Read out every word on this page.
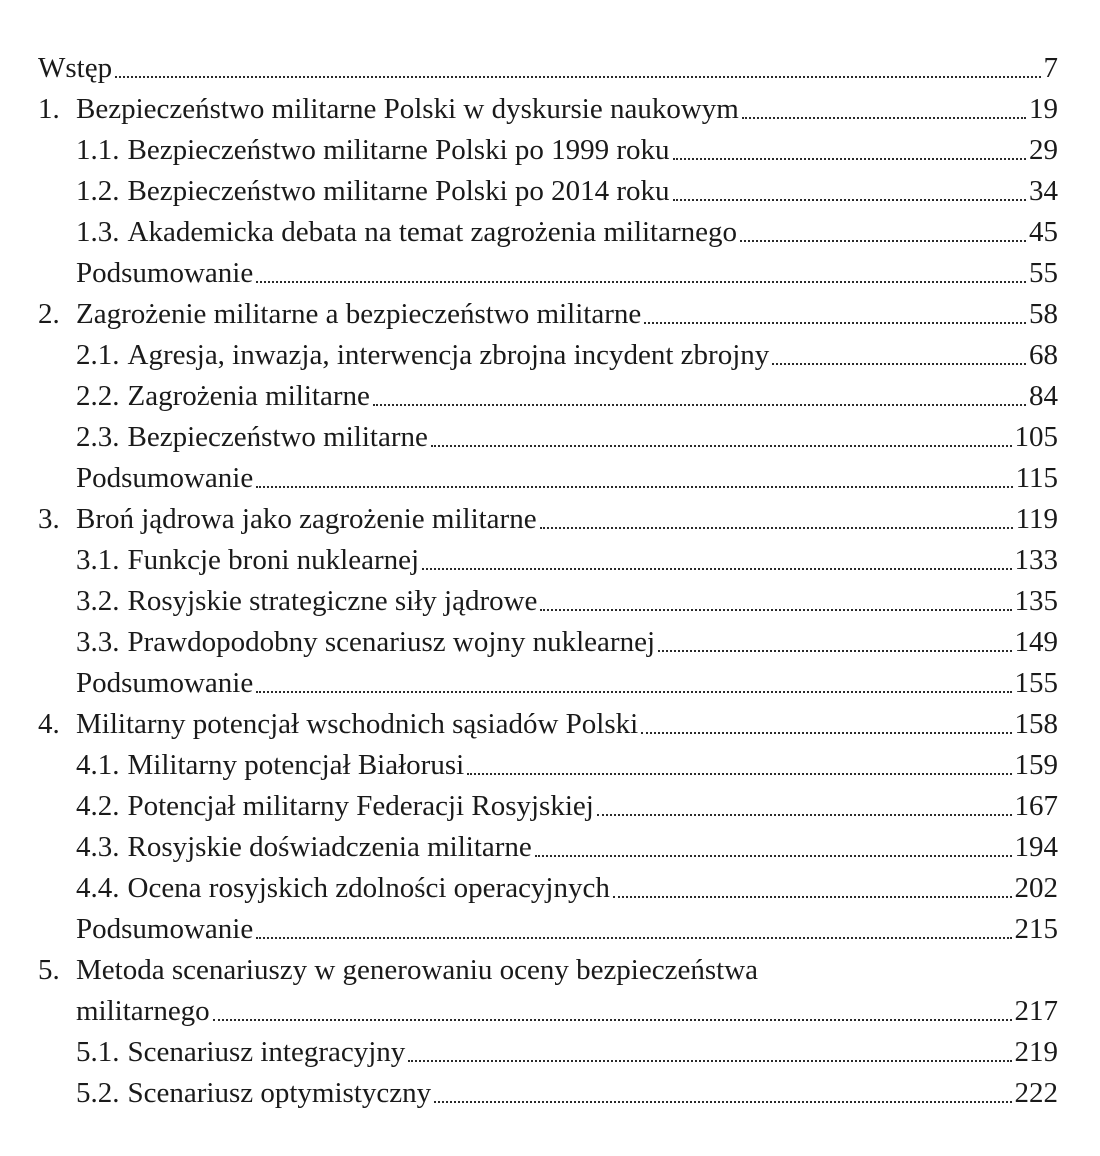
Wstęp	7
1. Bezpieczeństwo militarne Polski w dyskursie naukowym	19
1.1. Bezpieczeństwo militarne Polski po 1999 roku	29
1.2. Bezpieczeństwo militarne Polski po 2014 roku	34
1.3. Akademicka debata na temat zagrożenia militarnego	45
Podsumowanie	55
2. Zagrożenie militarne a bezpieczeństwo militarne	58
2.1. Agresja, inwazja, interwencja zbrojna incydent zbrojny	68
2.2. Zagrożenia militarne	84
2.3. Bezpieczeństwo militarne	105
Podsumowanie	115
3. Broń jądrowa jako zagrożenie militarne	119
3.1. Funkcje broni nuklearnej	133
3.2. Rosyjskie strategiczne siły jądrowe	135
3.3. Prawdopodobny scenariusz wojny nuklearnej	149
Podsumowanie	155
4. Militarny potencjał wschodnich sąsiadów Polski	158
4.1. Militarny potencjał Białorusi	159
4.2. Potencjał militarny Federacji Rosyjskiej	167
4.3. Rosyjskie doświadczenia militarne	194
4.4. Ocena rosyjskich zdolności operacyjnych	202
Podsumowanie	215
5. Metoda scenariuszy w generowaniu oceny bezpieczeństwa
militarnego	217
5.1. Scenariusz integracyjny	219
5.2. Scenariusz optymistyczny	222
